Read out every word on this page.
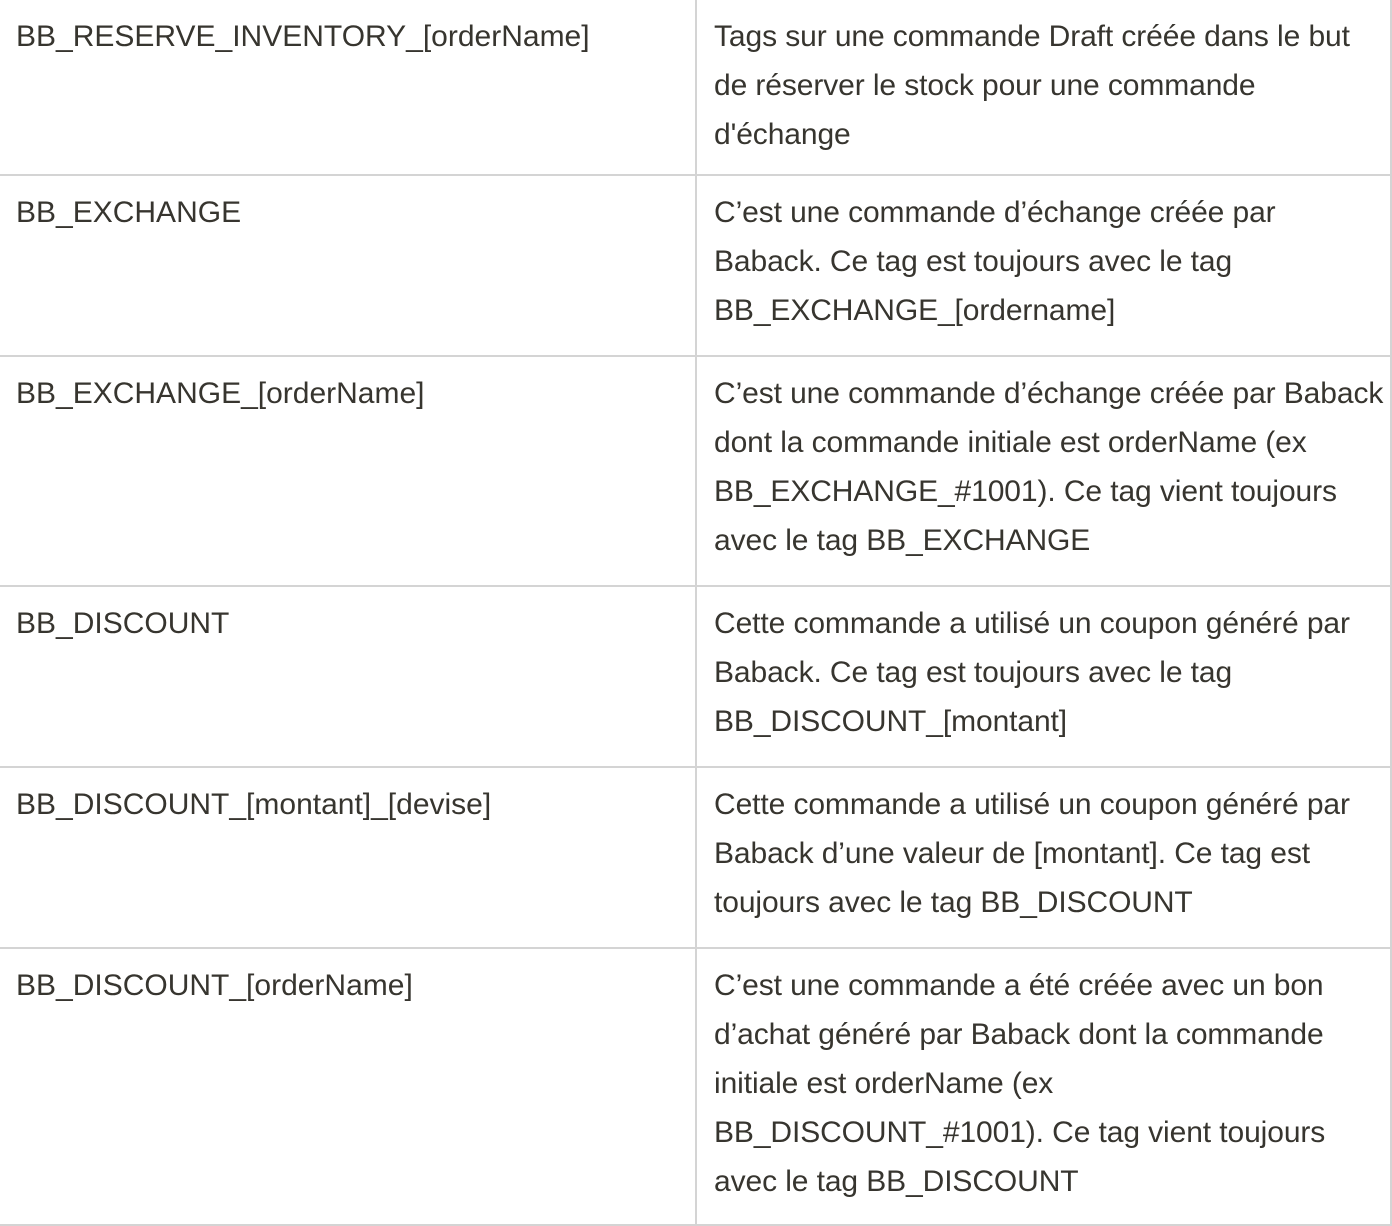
BB_RESERVE_INVENTORY_[orderName]	Tags sur une commande Draft créée dans le but de réserver le stock pour une commande d'échange
BB_EXCHANGE	C’est une commande d’échange créée par Baback. Ce tag est toujours avec le tag BB_EXCHANGE_[ordername]
BB_EXCHANGE_[orderName]	C’est une commande d’échange créée par Baback dont la commande initiale est orderName (ex BB_EXCHANGE_#1001). Ce tag vient toujours avec le tag BB_EXCHANGE
BB_DISCOUNT	Cette commande a utilisé un coupon généré par Baback. Ce tag est toujours avec le tag BB_DISCOUNT_[montant]
BB_DISCOUNT_[montant]_[devise]	Cette commande a utilisé un coupon généré par Baback d’une valeur de [montant]. Ce tag est toujours avec le tag BB_DISCOUNT
BB_DISCOUNT_[orderName]	C’est une commande a été créée avec un bon d’achat généré par Baback dont la commande initiale est orderName (ex BB_DISCOUNT_#1001). Ce tag vient toujours avec le tag BB_DISCOUNT
